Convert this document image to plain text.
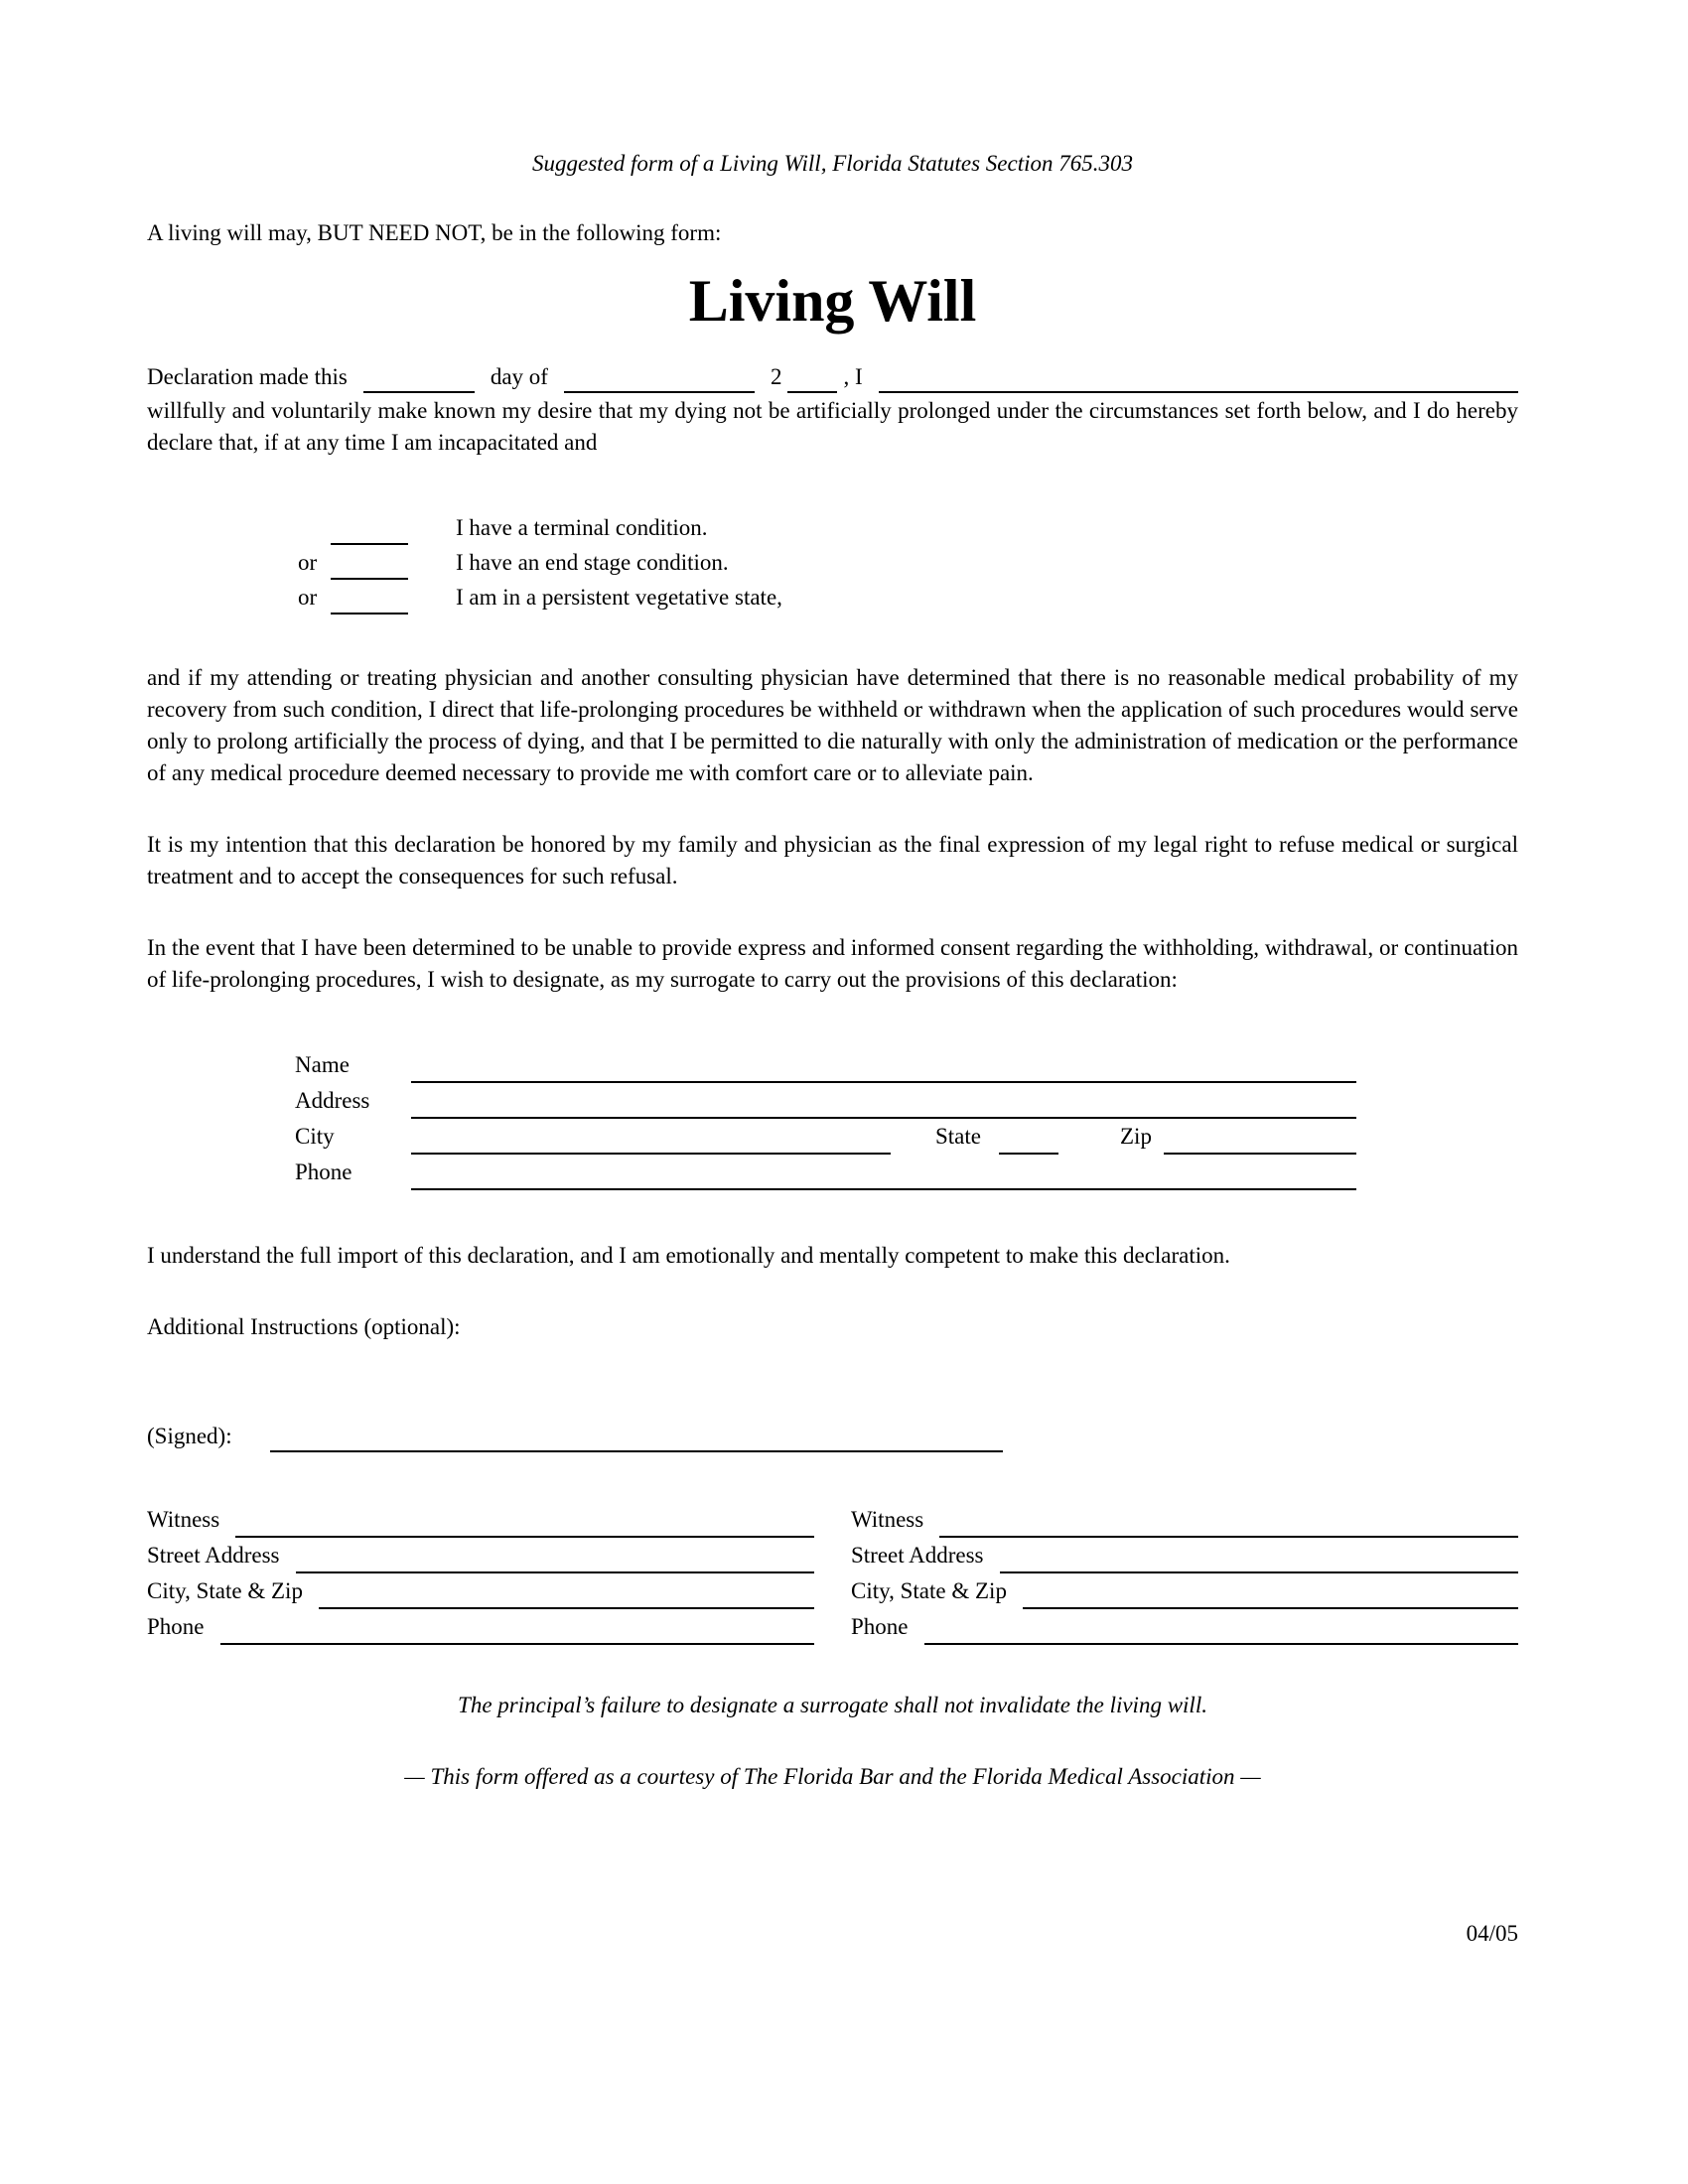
Suggested form of a Living Will, Florida Statutes Section 765.303
A living will may, BUT NEED NOT, be in the following form:
Living Will
Declaration made this	day of	2	, I

willfully and voluntarily make known my desire that my dying not be artificially prolonged under the circumstances set forth below, and I do hereby declare that, if at any time I am incapacitated and

I have a terminal condition.
or	I have an end stage condition.
or	I am in a persistent vegetative state,

and if my attending or treating physician and another consulting physician have determined that there is no reasonable medical probability of my recovery from such condition, I direct that life-prolonging procedures be withheld or withdrawn when the application of such procedures would serve only to prolong artificially the process of dying, and that I be permitted to die naturally with only the administration of medication or the performance of any medical procedure deemed necessary to provide me with comfort care or to alleviate pain.

It is my intention that this declaration be honored by my family and physician as the final expression of my legal right to refuse medical or surgical treatment and to accept the consequences for such refusal.

In the event that I have been determined to be unable to provide express and informed consent regarding the withholding, withdrawal, or continuation of life-prolonging procedures, I wish to designate, as my surrogate to carry out the provisions of this declaration:

Name
Address
City	State	Zip
Phone

I understand the full import of this declaration, and I am emotionally and mentally competent to make this declaration.

Additional Instructions (optional):

(Signed):
Witness
Street Address
City, State & Zip
Phone
Witness
Street Address
City, State & Zip
Phone
The principal’s failure to designate a surrogate shall not invalidate the living will.
— This form offered as a courtesy of The Florida Bar and the Florida Medical Association —
04/05
